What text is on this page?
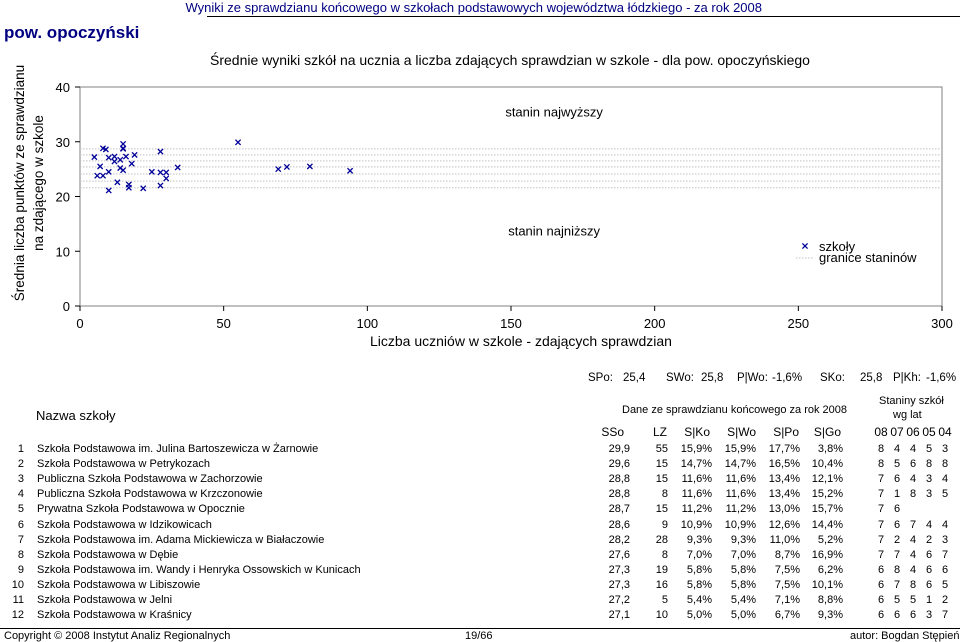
pow. opoczyński
Wyniki ze sprawdzianu końcowego w szkołach podstawowych województwa łódzkiego - za rok 2008
Średnie wyniki szkół na ucznia a liczba zdających sprawdzian w szkole - dla pow. opoczyńskiego
Średnia liczba punktów ze sprawdzianu na zdającego w szkole
Liczba uczniów w szkole - zdających sprawdzian
0
10
20
30
40
0	50	100	150	200	250	300
stanin najwyższy
stanin najniższy
szkoły
granice staninów
SPo: 25,4 SWo: 25,8 P|Wo: -1,6% SKo: 25,8 P|Kh: -1,6%
Nazwa szkoły	Dane ze sprawdzianu końcowego za rok 2008
Staniny szkół
wg lat
SSo LZ S|Ko S|Wo S|Po S|Go	08 07 06 05 04
1 Szkoła Podstawowa im. Julina Bartoszewicza w Żarnowie	29,9 55 15,9% 15,9% 17,7% 3,8%	8 4 4 5 3
2 Szkoła Podstawowa w Petrykozach	29,6 15 14,7% 14,7% 16,5% 10,4%	8 5 6 8 8
3 Publiczna Szkoła Podstawowa w Zachorzowie	28,8 15 11,6% 11,6% 13,4% 12,1%	7 6 4 3 4
4 Publiczna Szkoła Podstawowa w Krzczonowie	28,8	8 11,6% 11,6% 13,4% 15,2%	7 1 8 3 5
5 Prywatna Szkoła Podstawowa w Opocznie	28,7 15 11,2% 11,2% 13,0% 15,7%	7 6
6 Szkoła Podstawowa w Idzikowicach	28,6	9 10,9% 10,9% 12,6% 14,4%	7 6 7 4 4
7 Szkoła Podstawowa im. Adama Mickiewicza w Białaczowie	28,2 28 9,3% 9,3% 11,0% 5,2%	7 2 4 2 3
8 Szkoła Podstawowa w Dębie	27,6	8 7,0% 7,0% 8,7% 16,9%	7 7 4 6 7
9 Szkoła Podstawowa im. Wandy i Henryka Ossowskich w Kunicach	27,3 19 5,8% 5,8% 7,5% 6,2%	6 8 4 6 6
10 Szkoła Podstawowa w Libiszowie	27,3 16 5,8% 5,8% 7,5% 10,1%	6 7 8 6 5
11 Szkoła Podstawowa w Jelni	27,2	5 5,4% 5,4% 7,1% 8,8%	6 5 5 1 2
12 Szkoła Podstawowa w Kraśnicy	27,1 10 5,0% 5,0% 6,7% 9,3%	6 6 6 3 7
Copyright © 2008 Instytut Analiz Regionalnych	19/66	autor: Bogdan Stępień
